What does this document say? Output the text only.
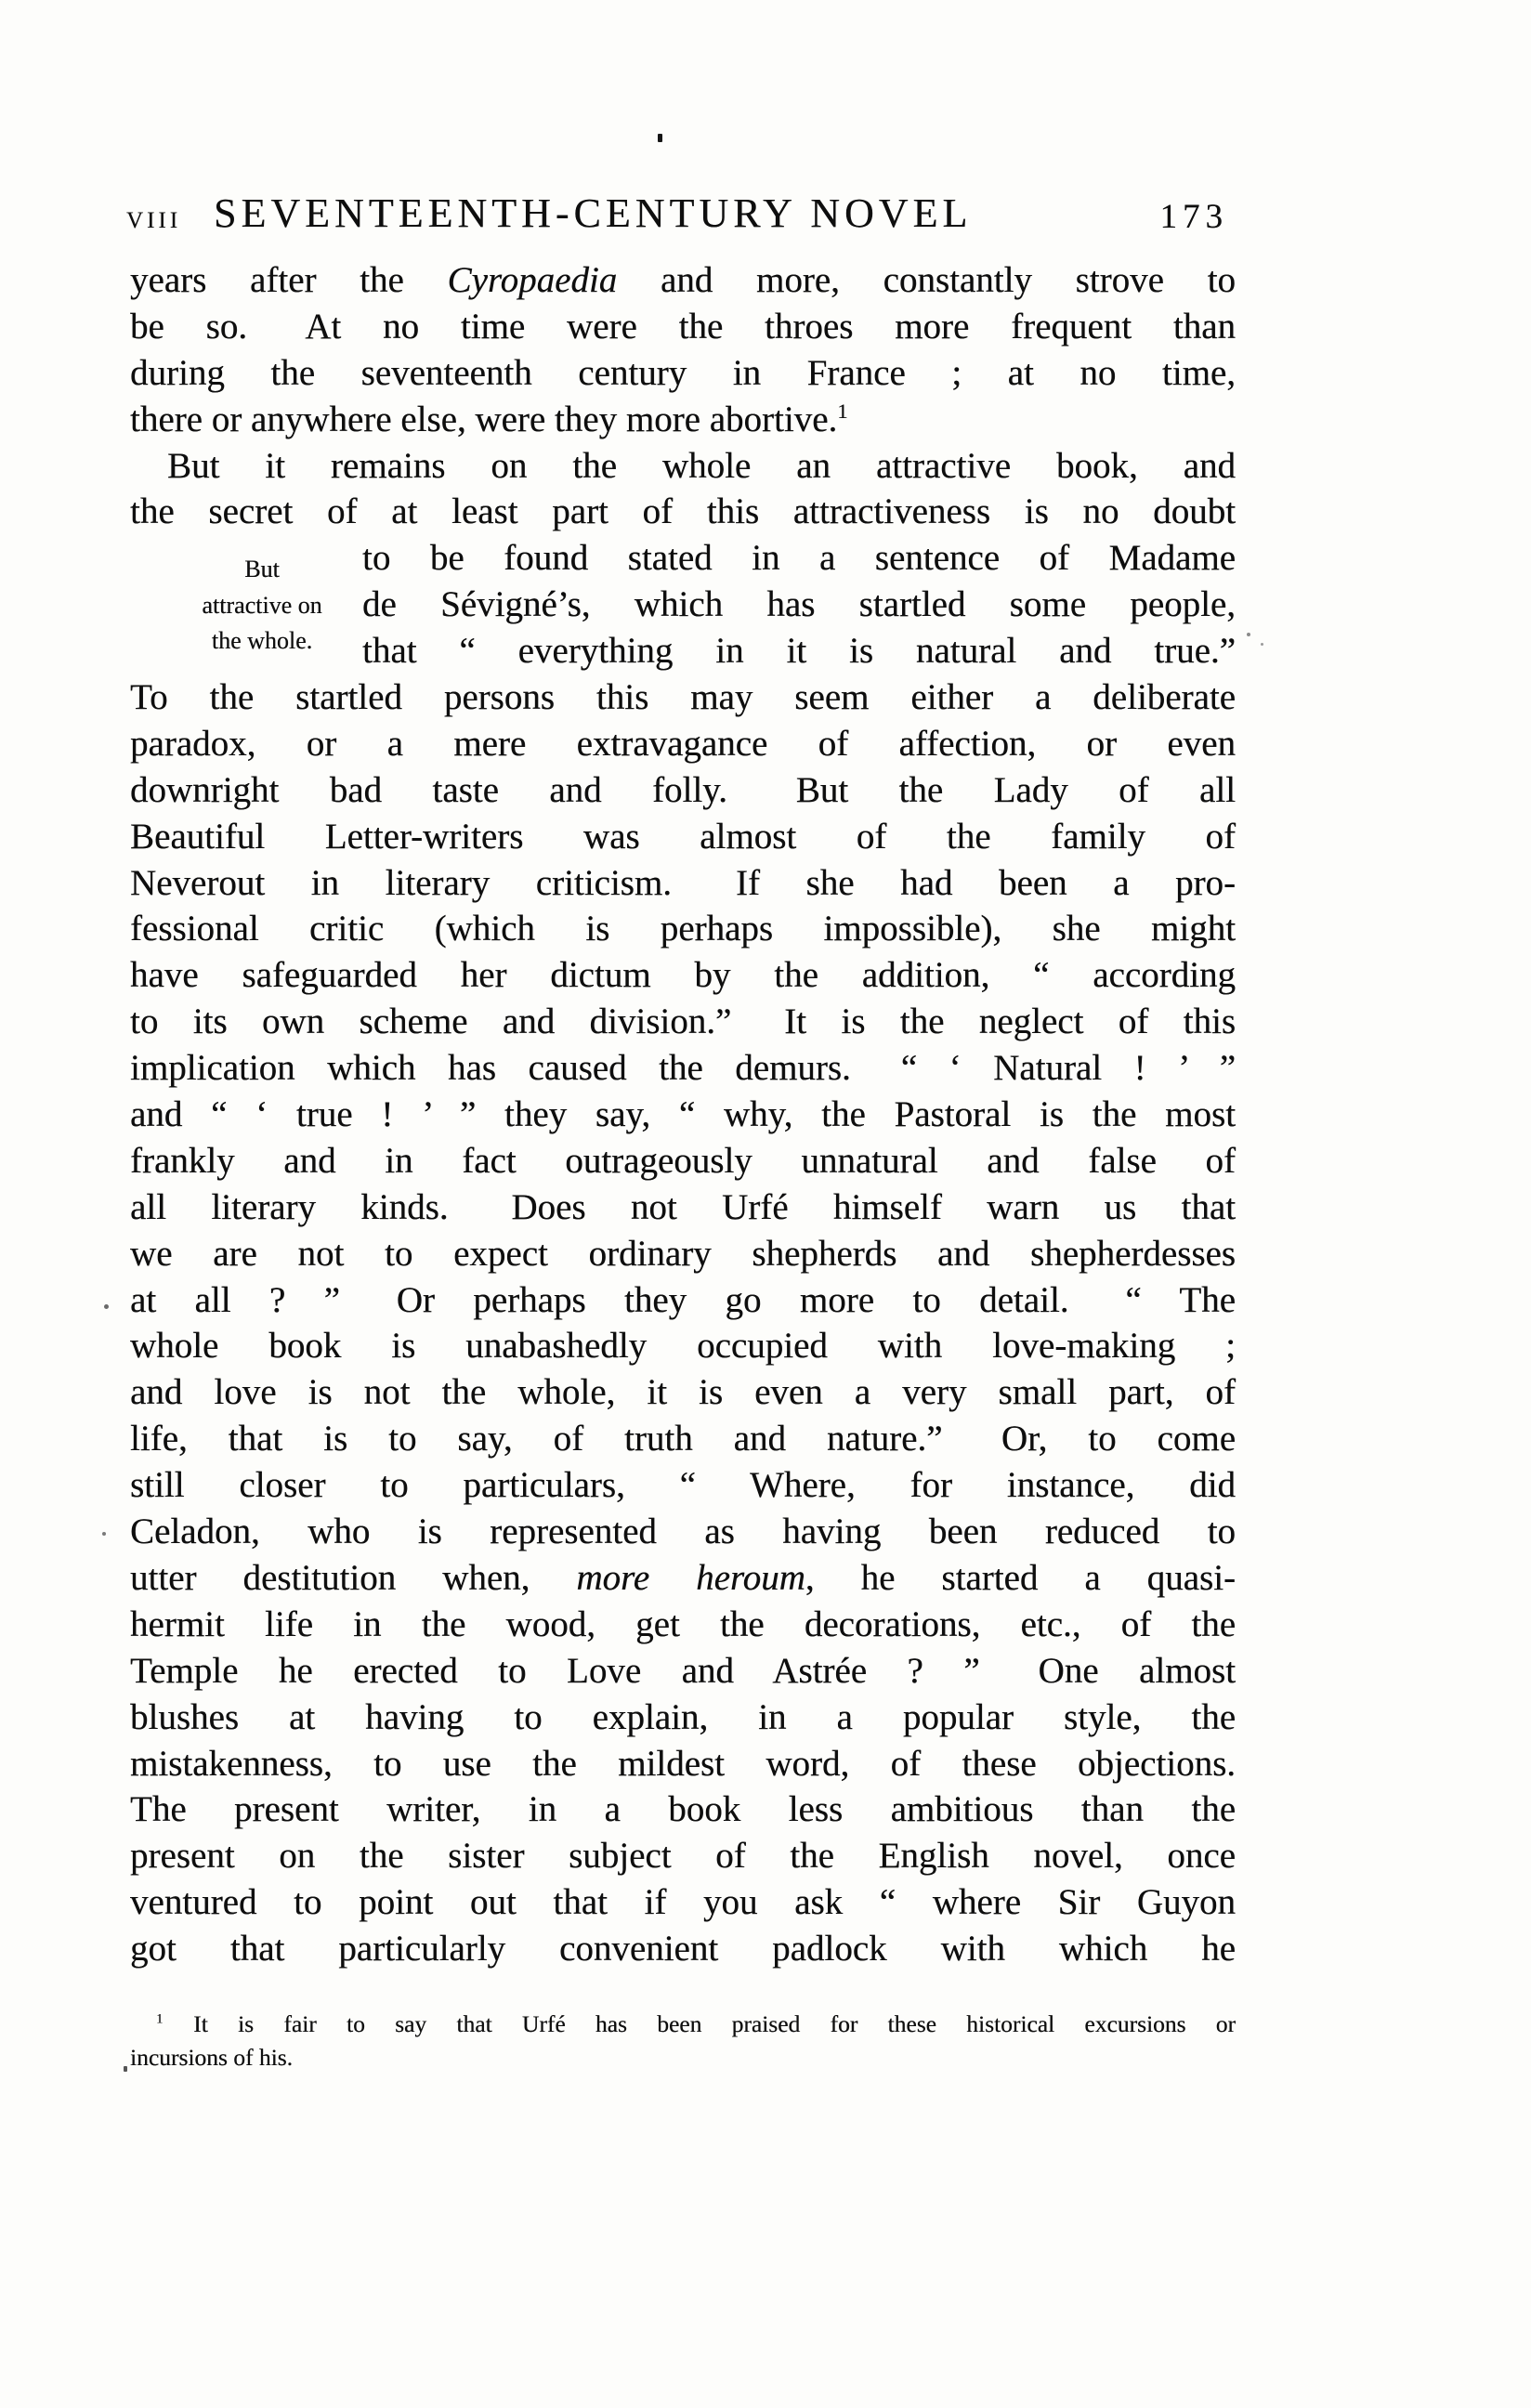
VIII SEVENTEENTH-CENTURY NOVEL	173
But
attractive on
the whole.
years after the Cyropaedia and more, constantly strove to
be so.  At no time were the throes more frequent than
during the seventeenth century in France ; at no time,
there or anywhere else, were they more abortive.$^1$
But it remains on the whole an attractive book, and
the secret of at least part of this attractiveness is no doubt
to be found stated in a sentence of Madame
de Sévigné’s, which has startled some people,
that “ everything in it is natural and true.”
To the startled persons this may seem either a deliberate
paradox, or a mere extravagance of affection, or even
downright bad taste and folly.  But the Lady of all
Beautiful Letter-writers was almost of the family of
Neverout in literary criticism.  If she had been a pro-
fessional critic (which is perhaps impossible), she might
have safeguarded her dictum by the addition, “ according
to its own scheme and division.”  It is the neglect of this
implication which has caused the demurs.  “ ‘ Natural ! ’ ”
and “ ‘ true ! ’ ” they say, “ why, the Pastoral is the most
frankly and in fact outrageously unnatural and false of
all literary kinds.  Does not Urfé himself warn us that
we are not to expect ordinary shepherds and shepherdesses
at all ? ”  Or perhaps they go more to detail.  “ The
whole book is unabashedly occupied with love-making ;
and love is not the whole, it is even a very small part, of
life, that is to say, of truth and nature.”  Or, to come
still closer to particulars, “ Where, for instance, did
Celadon, who is represented as having been reduced to
utter destitution when, more heroum, he started a quasi-
hermit life in the wood, get the decorations, etc., of the
Temple he erected to Love and Astrée ? ”  One almost
blushes at having to explain, in a popular style, the
mistakenness, to use the mildest word, of these objections.
The present writer, in a book less ambitious than the
present on the sister subject of the English novel, once
ventured to point out that if you ask “ where Sir Guyon
got that particularly convenient padlock with which he
$^1$ It is fair to say that Urfé has been praised for these historical excursions or
incursions of his.
